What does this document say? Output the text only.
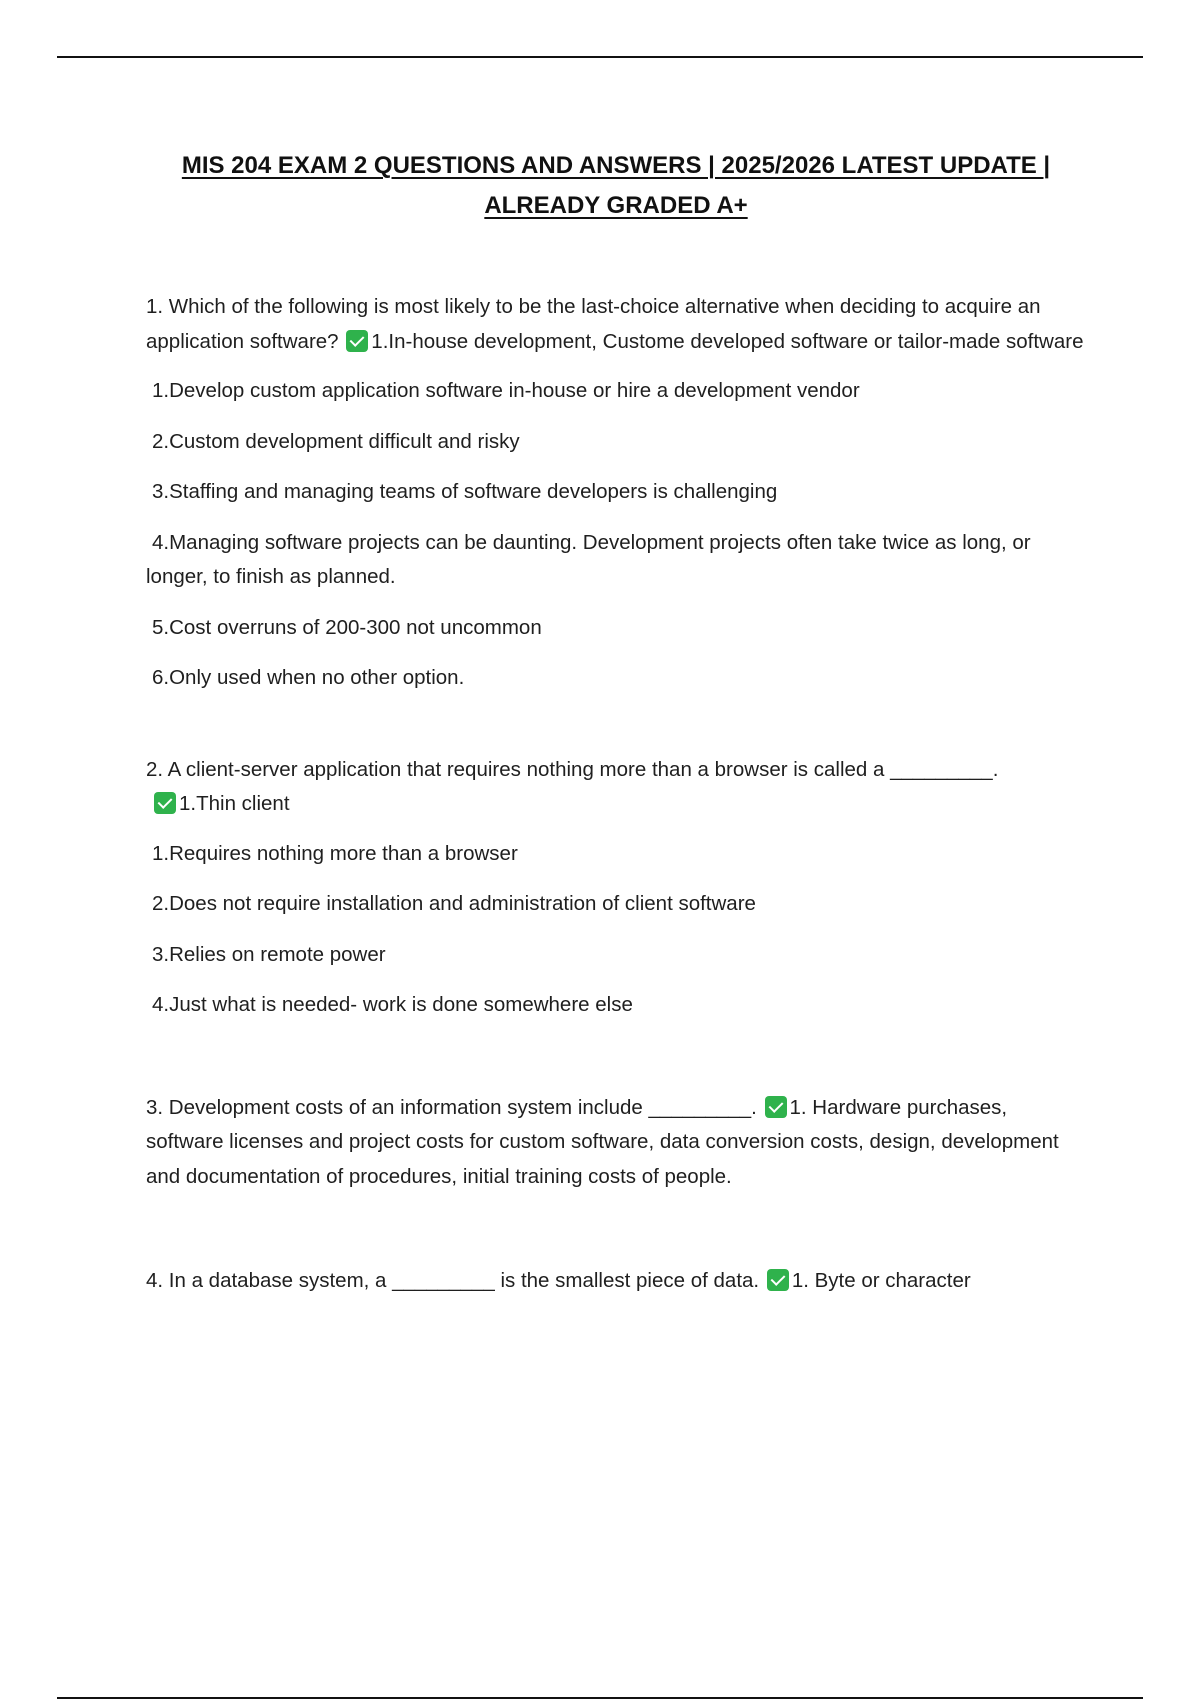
MIS 204 EXAM 2 QUESTIONS AND ANSWERS | 2025/2026 LATEST UPDATE |
ALREADY GRADED A+
1. Which of the following is most likely to be the last-choice alternative when deciding to acquire an application software? 1.In-house development, Custome developed software or tailor-made software
1.Develop custom application software in-house or hire a development vendor
2.Custom development difficult and risky
3.Staffing and managing teams of software developers is challenging
4.Managing software projects can be daunting. Development projects often take twice as long, or longer, to finish as planned.
5.Cost overruns of 200-300 not uncommon
6.Only used when no other option.
2. A client-server application that requires nothing more than a browser is called a _________.
1.Thin client
1.Requires nothing more than a browser
2.Does not require installation and administration of client software
3.Relies on remote power
4.Just what is needed- work is done somewhere else
3. Development costs of an information system include _________. 1. Hardware purchases, software licenses and project costs for custom software, data conversion costs, design, development and documentation of procedures, initial training costs of people.
4. In a database system, a _________ is the smallest piece of data. 1. Byte or character
